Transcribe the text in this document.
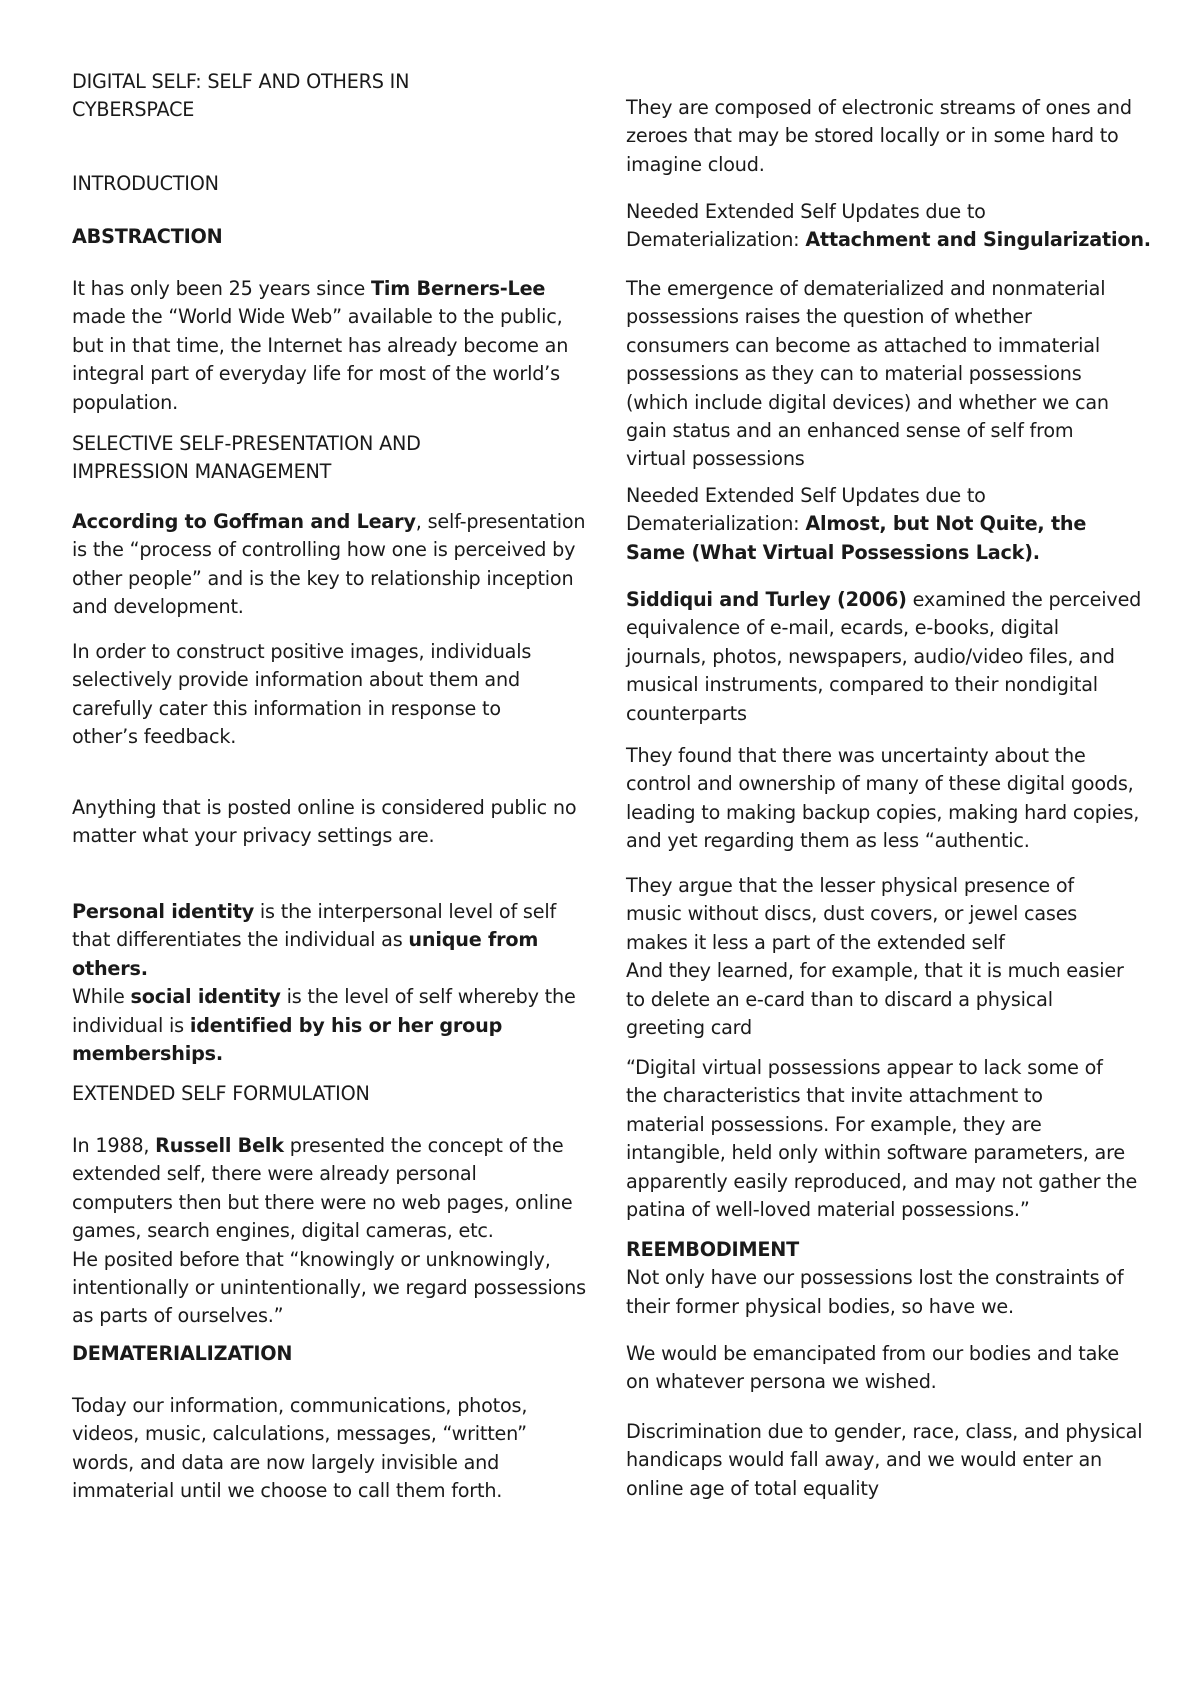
DIGITAL SELF: SELF AND OTHERS IN
CYBERSPACE
INTRODUCTION
ABSTRACTION
It has only been 25 years since Tim Berners-Lee
made the “World Wide Web” available to the public,
but in that time, the Internet has already become an
integral part of everyday life for most of the world’s
population.
SELECTIVE SELF-PRESENTATION AND
IMPRESSION MANAGEMENT
According to Goffman and Leary, self-presentation
is the “process of controlling how one is perceived by
other people” and is the key to relationship inception
and development.
In order to construct positive images, individuals
selectively provide information about them and
carefully cater this information in response to
other’s feedback.
Anything that is posted online is considered public no
matter what your privacy settings are.
Personal identity is the interpersonal level of self
that differentiates the individual as unique from
others.
While social identity is the level of self whereby the
individual is identified by his or her group
memberships.
EXTENDED SELF FORMULATION
In 1988, Russell Belk presented the concept of the
extended self, there were already personal
computers then but there were no web pages, online
games, search engines, digital cameras, etc.
He posited before that “knowingly or unknowingly,
intentionally or unintentionally, we regard possessions
as parts of ourselves.”
DEMATERIALIZATION
Today our information, communications, photos,
videos, music, calculations, messages, “written”
words, and data are now largely invisible and
immaterial until we choose to call them forth.
They are composed of electronic streams of ones and
zeroes that may be stored locally or in some hard to
imagine cloud.
Needed Extended Self Updates due to
Dematerialization: Attachment and Singularization.
The emergence of dematerialized and nonmaterial
possessions raises the question of whether
consumers can become as attached to immaterial
possessions as they can to material possessions
(which include digital devices) and whether we can
gain status and an enhanced sense of self from
virtual possessions
Needed Extended Self Updates due to
Dematerialization: Almost, but Not Quite, the
Same (What Virtual Possessions Lack).
Siddiqui and Turley (2006) examined the perceived
equivalence of e-mail, ecards, e-books, digital
journals, photos, newspapers, audio/video files, and
musical instruments, compared to their nondigital
counterparts
They found that there was uncertainty about the
control and ownership of many of these digital goods,
leading to making backup copies, making hard copies,
and yet regarding them as less “authentic.
They argue that the lesser physical presence of
music without discs, dust covers, or jewel cases
makes it less a part of the extended self
And they learned, for example, that it is much easier
to delete an e-card than to discard a physical
greeting card
“Digital virtual possessions appear to lack some of
the characteristics that invite attachment to
material possessions. For example, they are
intangible, held only within software parameters, are
apparently easily reproduced, and may not gather the
patina of well-loved material possessions.”
REEMBODIMENT
Not only have our possessions lost the constraints of
their former physical bodies, so have we.
We would be emancipated from our bodies and take
on whatever persona we wished.
Discrimination due to gender, race, class, and physical
handicaps would fall away, and we would enter an
online age of total equality
